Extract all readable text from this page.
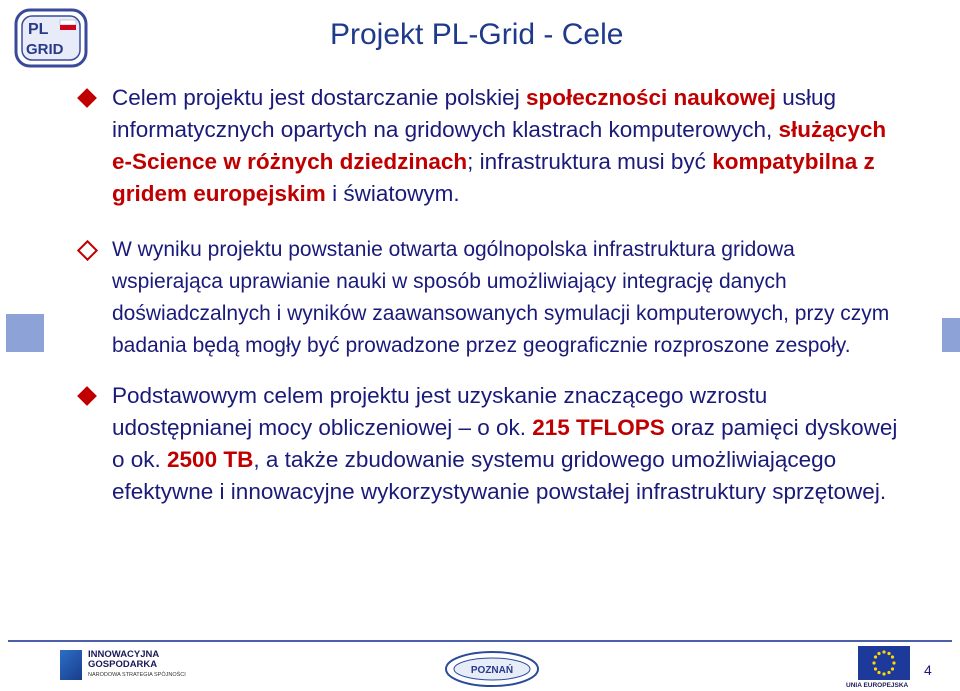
PL
GRID	Projekt PL-Grid - Cele
Celem projektu jest dostarczanie polskiej społeczności naukowej usług informatycznych opartych na gridowych klastrach komputerowych, służących e-Science w różnych dziedzinach; infrastruktura musi być kompatybilna z gridem europejskim i światowym.
W wyniku projektu powstanie otwarta ogólnopolska infrastruktura gridowa wspierająca uprawianie nauki w sposób umożliwiający integrację danych doświadczalnych i wyników zaawansowanych symulacji komputerowych, przy czym badania będą mogły być prowadzone przez geograficznie rozproszone zespoły.
Podstawowym celem projektu jest uzyskanie znaczącego wzrostu udostępnianej mocy obliczeniowej – o ok. 215 TFLOPS oraz pamięci dyskowej o ok. 2500 TB, a także zbudowanie systemu gridowego umożliwiającego efektywne i innowacyjne wykorzystywanie powstałej infrastruktury sprzętowej.
INNOWACYJNA
GOSPODARKA
NARODOWA STRATEGIA SPÓJNOŚCI	POZNAŃ
UNIA EUROPEJSKA
4
